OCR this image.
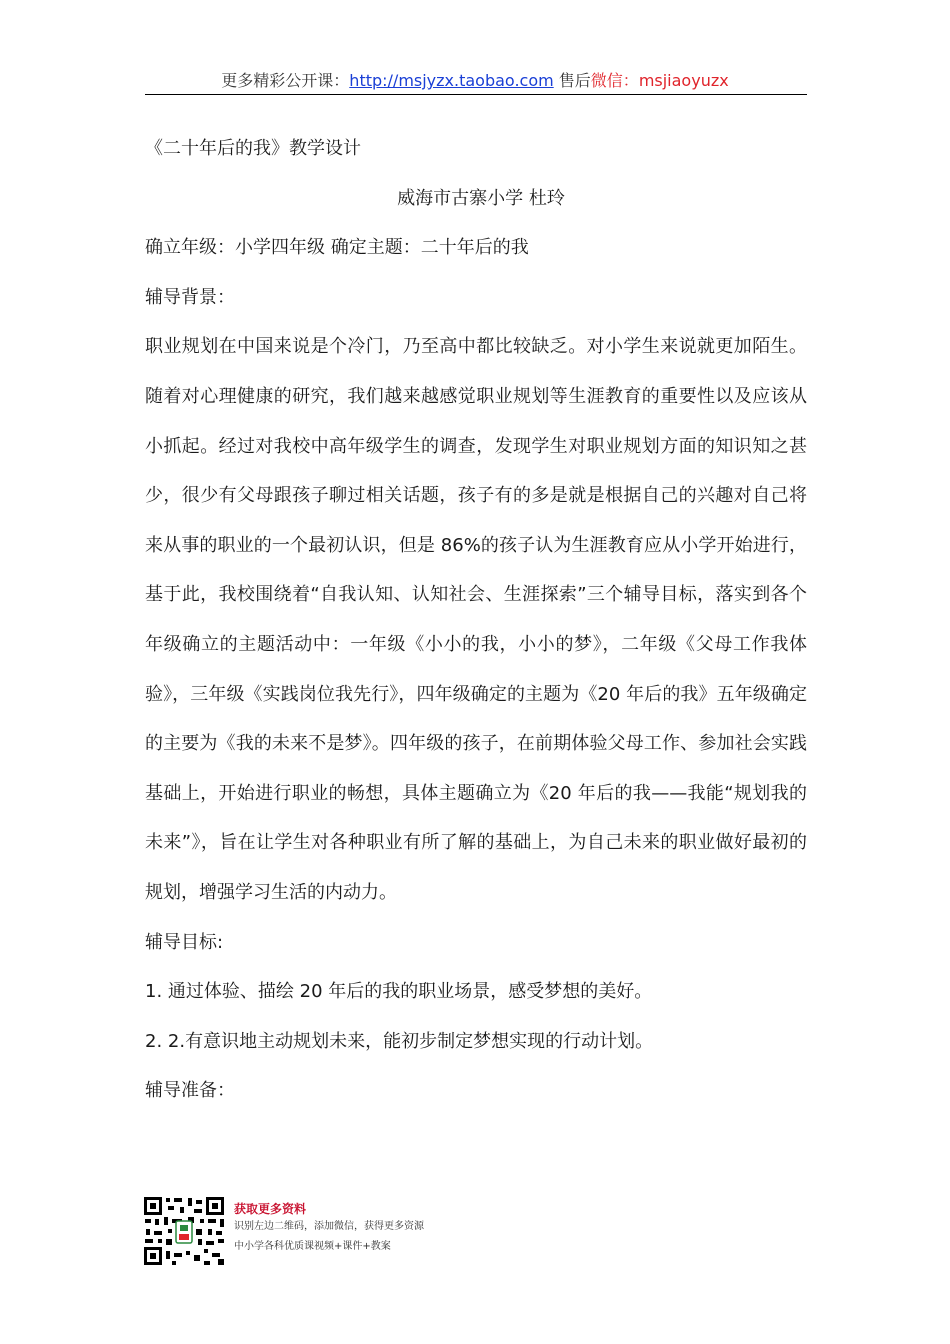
更多精彩公开课：http://msjyzx.taobao.com 售后微信：msjiaoyuzx

《二十年后的我》教学设计

威海市古寨小学 杜玲

确立年级：小学四年级 确定主题：二十年后的我

辅导背景：

职业规划在中国来说是个冷门，乃至高中都比较缺乏。对小学生来说就更加陌生。随着对心理健康的研究，我们越来越感觉职业规划等生涯教育的重要性以及应该从小抓起。经过对我校中高年级学生的调查，发现学生对职业规划方面的知识知之甚少，很少有父母跟孩子聊过相关话题，孩子有的多是就是根据自己的兴趣对自己将来从事的职业的一个最初认识，但是 86%的孩子认为生涯教育应从小学开始进行，基于此，我校围绕着“自我认知、认知社会、生涯探索”三个辅导目标，落实到各个年级确立的主题活动中：一年级《小小的我，小小的梦》，二年级《父母工作我体验》，三年级《实践岗位我先行》，四年级确定的主题为《20 年后的我》五年级确定的主要为《我的未来不是梦》。四年级的孩子，在前期体验父母工作、参加社会实践基础上，开始进行职业的畅想，具体主题确立为《20 年后的我——我能“规划我的未来”》，旨在让学生对各种职业有所了解的基础上，为自己未来的职业做好最初的规划，增强学习生活的内动力。

辅导目标:

1. 通过体验、描绘 20 年后的我的职业场景，感受梦想的美好。

2. 2.有意识地主动规划未来，能初步制定梦想实现的行动计划。

辅导准备：

获取更多资料
识别左边二维码，添加微信，获得更多资源
中小学各科优质课视频+课件+教案
